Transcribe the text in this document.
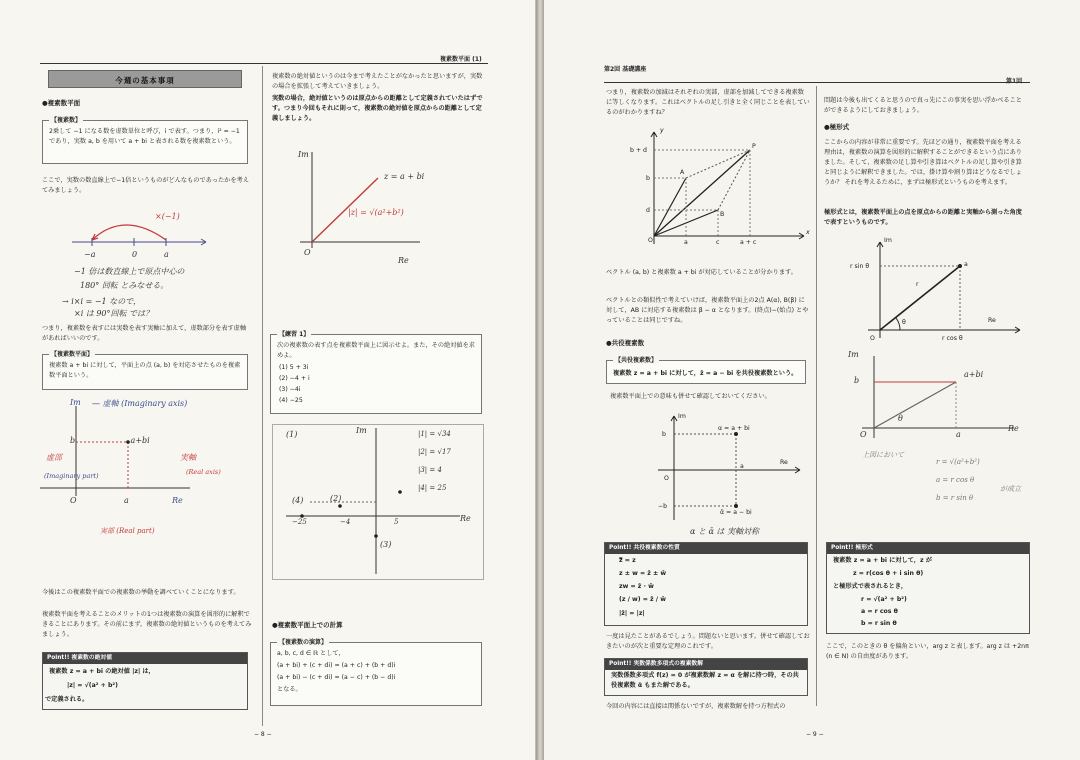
複素数平面 (1)
今週の基本事項
●複素数平面
【複素数】
2乗して −1 になる数を虚数単位と呼び，i で表す。つまり，i² = −1 であり，実数 a, b を用いて a + bi と表される数を複素数という。
ここで，実数の数直線上で−1倍というものがどんなものであったかを考えてみましょう。
×(−1)
−a	0	a
−1 倍は数直線上で原点中心の
180° 回転 とみなせる。
→ i×i = −1 なので，
×i は 90°回転 では？
つまり，複素数を表すには実数を表す実軸に加えて，虚数部分を表す虚軸があればいいのです。
【複素数平面】
複素数 a + bi に対して，平面上の点 (a, b) を対応させたものを複素数平面という。
Im — 虚軸 (Imaginary axis)
b	.a+bi
虚部
(Imaginary part)
実軸
(Real axis)
O	a	Re
実部 (Real part)
今後はこの複素数平面での複素数の挙動を調べていくことになります。
複素数平面を考えることのメリットの1つは複素数の演算を図形的に解釈できることにあります。その前にまず，複素数の絶対値というものを考えてみましょう。
Point!! 複素数の絶対値
複素数 z = a + bi の絶対値 |z| は，
|z| = √(a² + b²)
で定義される。
複素数の絶対値というのは今まで考えたことがなかったと思いますが，実数の場合を拡張して考えていきましょう。
実数の場合，絶対値というのは原点からの距離として定義されていたはずです。つまり今回もそれに則って，複素数の絶対値を原点からの距離として定義しましょう。
Im
z = a + bi
|z| = √(a²+b²)
O
Re
【練習 1】
次の複素数の表す点を複素数平面上に図示せよ。また，その絶対値を求めよ。
(1) 5 + 3i
(2) −4 + i
(3) −4i
(4) −25
(1)	Im	|1| = √34
|2| = √17
|3| = 4
|4| = 25
(4)	(2)
−25	−4	5	Re
(3)
●複素数平面上での計算
【複素数の演算】
a, b, c, d ∈ ℝ として，
(a + bi) + (c + di) = (a + c) + (b + d)i
(a + bi) − (c + di) = (a − c) + (b − d)i
となる。
− 8 −
第2回 基礎講座
つまり，複素数の加減はそれぞれの実部，虚部を加減してできる複素数に等しくなります。これはベクトルの足し引きと全く同じことを表しているのがわかりますね？
y
P
b + d
b
d
A
B
O	a	c	a + c
x
ベクトル (a, b) と複素数 a + bi が対応していることが分かります。
ベクトルとの類似性で考えていけば，複素数平面上の2点 A(α), B(β) に対して，AB に対応する複素数は β − α となります。(終点)−(始点) とやっていることは同じですね。
●共役複素数
【共役複素数】
複素数 z = a + bi に対して，z̄ = a − bi を共役複素数という。
複素数平面上での意味も併せて確認しておいてください。
Im
α = a + bi
b
a
Re
O
−b
ᾱ = a − bi
α と ᾱ は 実軸対称
Point!! 共役複素数の性質
z̿ = z
z ± w = z̄ ± w̄
zw = z̄ · w̄
(z / w) = z̄ / w̄
|z̄| = |z|
一度は見たことがあるでしょう。問題ないと思います。併せて確認しておきたいのが次と重要な定理のこれです。
Point!! 実数係数多項式の複素数解
実数係数多項式 f(z) = 0 が複素数解 z = α を解に持つ時，その共役複素数 ᾱ もまた解である。
今回の内容には直接は関係ないですが，複素数解を持つ方程式の
問題は今後も出てくると思うので真っ先にこの事実を思い浮かべることができるようにしておきましょう。
●極形式
ここからの内容が非常に重要です。先ほどの通り，複素数平面を考える理由は，複素数の演算を図形的に解釈することができるという点にありました。そして，複素数の足し算や引き算はベクトルの足し算や引き算と同じように解釈できました。では，掛け算や割り算はどうなるでしょうか？ それを考えるために，まずは極形式というものを考えます。
極形式とは，複素数平面上の点を原点からの距離と実軸から測った角度で表すというものです。
Im
r sin θ	a
r
θ
O
Re
r cos θ
Im
b
a+bi
θ
O	a
Re
上図において
r = √(a²+b²)
a = r cos θ
b = r sin θ
が成立
Point!! 極形式
複素数 z = a + bi に対して，z が
z = r(cos θ + i sin θ)
と極形式で表されるとき，
r = √(a² + b²)
a = r cos θ
b = r sin θ
ここで，このときの θ を偏角といい，arg z と表します。arg z は +2nπ (n ∈ N) の自由度があります。
− 9 −
